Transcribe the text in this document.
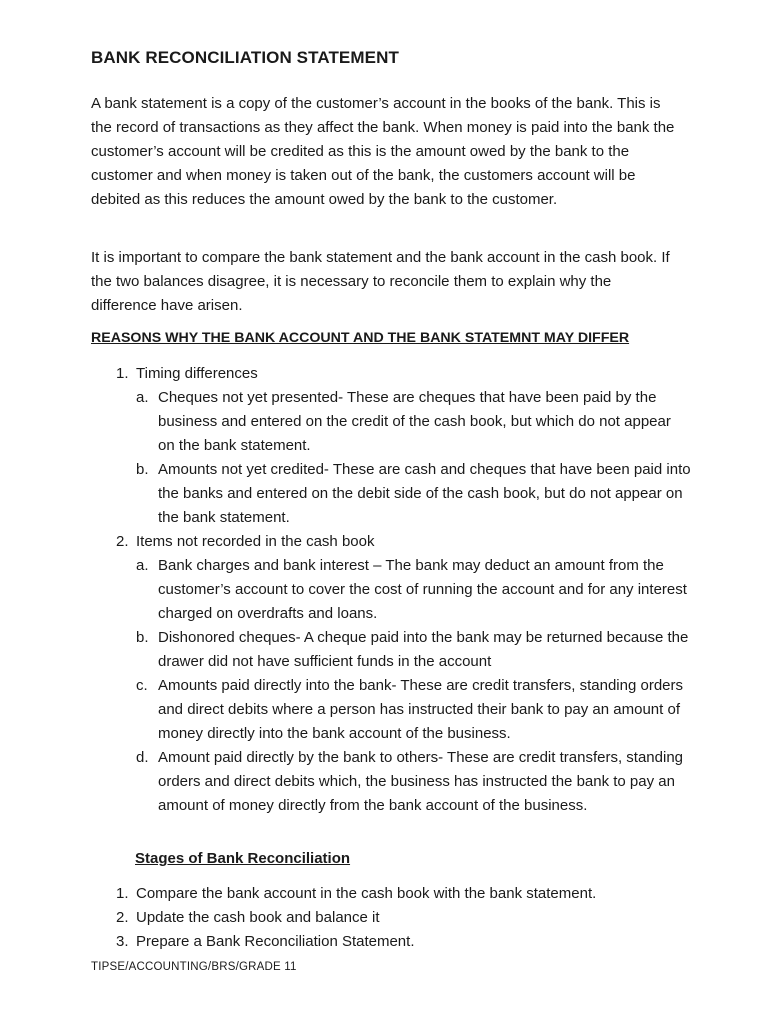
BANK RECONCILIATION STATEMENT
A bank statement is a copy of the customer’s account in the books of the bank. This is the record of transactions as they affect the bank. When money is paid into the bank the customer’s account will be credited as this is the amount owed by the bank to the customer and when money is taken out of the bank, the customers account will be debited as this reduces the amount owed by the bank to the customer.
It is important to compare the bank statement and the bank account in the cash book. If the two balances disagree, it is necessary to reconcile them to explain why the difference have arisen.
REASONS WHY THE BANK ACCOUNT AND THE BANK STATEMNT MAY DIFFER
1. Timing differences
a. Cheques not yet presented- These are cheques that have been paid by the business and entered on the credit of the cash book, but which do not appear on the bank statement.
b. Amounts not yet credited- These are cash and cheques that have been paid into the banks and entered on the debit side of the cash book, but do not appear on the bank statement.
2. Items not recorded in the cash book
a. Bank charges and bank interest – The bank may deduct an amount from the customer’s account to cover the cost of running the account and for any interest charged on overdrafts and loans.
b. Dishonored cheques- A cheque paid into the bank may be returned because the drawer did not have sufficient funds in the account
c. Amounts paid directly into the bank- These are credit transfers, standing orders and direct debits where a person has instructed their bank to pay an amount of money directly into the bank account of the business.
d. Amount paid directly by the bank to others- These are credit transfers, standing orders and direct debits which, the business has instructed the bank to pay an amount of money directly from the bank account of the business.
Stages of Bank Reconciliation
1. Compare the bank account in the cash book with the bank statement.
2. Update the cash book and balance it
3. Prepare a Bank Reconciliation Statement.
TIPSE/ACCOUNTING/BRS/GRADE 11
